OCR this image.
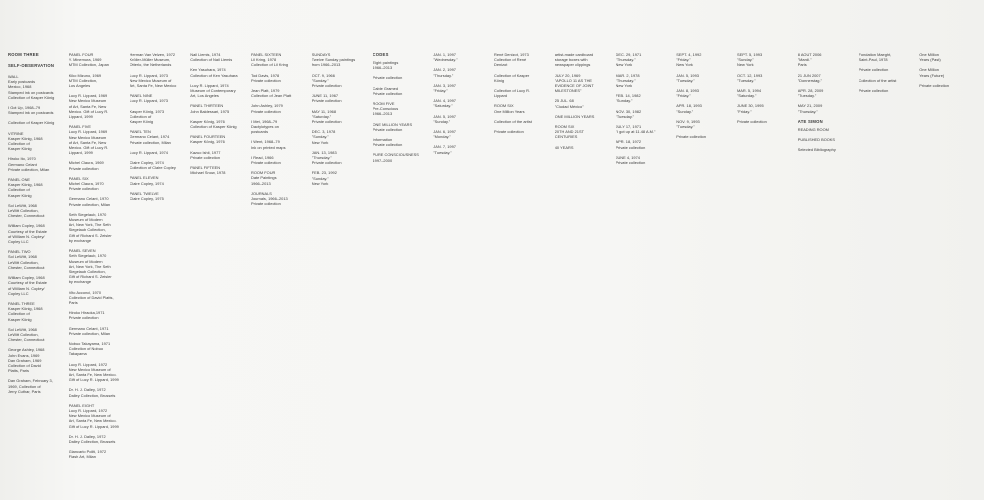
ROOM THREE
SELF-OBSERVATION
WALL
Early postcards
Mexico, 1968
Stamped ink on postcards
Collection of Kasper König
I Got Up, 1968–79
Stamped ink on postcards
Collection of Kasper König
VITRINE
Kasper König, 1968
Collection of
Kasper König
Hiroko Ito, 1970
Germano Celant
Private collection, Milan
PANEL ONE
Kasper König, 1968
Collection of
Kasper König
Sol LeWitt, 1968
LeWitt Collection,
Chester, Connecticut
William Copley, 1968
Courtesy of the Estate
of William N. Copley/
Copley LLC
PANEL TWO
Sol LeWitt, 1968
LeWitt Collection,
Chester, Connecticut
William Copley, 1968
Courtesy of the Estate
of William N. Copley/
Copley LLC
PANEL THREE
Kasper König, 1968
Collection of
Kasper König
Sol LeWitt, 1968
LeWitt Collection,
Chester, Connecticut
George Ashley, 1968
John Evans, 1969
Dan Graham, 1969
Collection of David
Platts, Paris
Dan Graham, February 3,
1969, Collection of
Jerry Cuthar, Paris
PANEL FOUR
Y. Minemura, 1969
MTM Collection, Japan
Kiko Mizuno, 1969
MTM Collection,
Los Angeles
Lucy R. Lippard, 1969
New Mexico Museum
of Art, Santa Fe, New
Mexico. Gift of Lucy R.
Lippard, 1999
PANEL FIVE
Lucy R. Lippard, 1969
New Mexico Museum
of Art, Santa Fe, New
Mexico. Gift of Lucy R.
Lippard, 1999
Michel Claura, 1969
Private collection
PANEL SIX
Michel Claura, 1970
Private collection
Germano Celant, 1970
Private collection, Milan
Seth Siegelaub, 1970
Museum of Modern
Art, New York, The Seth
Siegelaub Collection,
Gift of Richard S. Zeisler
by exchange
PANEL SEVEN
Seth Siegelaub, 1970
Museum of Modern
Art, New York, The Seth
Siegelaub Collection,
Gift of Richard S. Zeisler
by exchange
Vito Acconci, 1970
Collection of David Platts,
Paris
Hiroko Hiraoka,1971
Private collection
Germano Celant, 1971
Private collection, Milan
Nobuo Takayama, 1971
Collection of Nobuo
Takayama
Lucy R. Lippard, 1972
New Mexico Museum of
Art, Santa Fe, New Mexico.
Gift of Lucy R. Lippard, 1999
Dr. H. J. Dalley, 1972
Dalley Collection, Brussels
PANEL EIGHT
Lucy R. Lippard, 1972
New Mexico Museum of
Art, Santa Fe, New Mexico.
Gift of Lucy R. Lippard, 1999
Dr. H. J. Dalley, 1972
Dalley Collection, Brussels
Giancarlo Politi, 1972
Flash Art, Milan
Herman Van Velzen, 1972
Kröller-Müller Museum,
Otterlo, the Netherlands
Lucy R. Lippard, 1973
New Mexico Museum of
Art, Santa Fe, New Mexico
PANEL NINE
Lucy R. Lippard, 1973
Kasper König, 1973
Collection of
Kasper König
PANEL TEN
Germano Celant, 1974
Private collection, Milan
Lucy R. Lippard, 1974
Claire Copley, 1974
Collection of Claire Copley
PANEL ELEVEN
Claire Copley, 1974
PANEL TWELVE
Claire Copley, 1975
Nail Liemis, 1974
Collection of Nail Liemis
Ken Yasuhara, 1974
Collection of Ken Yasuhara
Lucy R. Lippard, 1974
Museum of Contemporary
Art, Los Angeles
PANEL THIRTEEN
John Baldessari, 1975
Kasper König, 1976
Collection of Kasper König
PANEL FOURTEEN
Kasper König, 1976
Kazuo Ishii, 1977
Private collection
PANEL FIFTEEN
Michael Snow, 1978
PANEL SIXTEEN
Lil Kring, 1978
Collection of Lil Kring
Tod Davis, 1978
Private collection
Jean Platt, 1979
Collection of Jean Platt
John Ashley, 1979
Private collection
I Met, 1968–79
Dactylotypes on
postcards
I Went, 1968–79
Ink on printed maps
I Read, 1966
Private collection
ROOM FOUR
Date Paintings
1966–2013
JOURNALS
Journals, 1966–2013
Private collection
SUNDAYS
Twelve Sunday paintings
from 1966–2013
OCT. 9, 1966
"Sunday."
Private collection
JUNE 11, 1967
Private collection
MAY 11, 1968
"Saturday."
Private collection
DEC. 3, 1978
"Sunday."
New York
JAN. 13, 1983
"Thursday."
Private collection
FEB. 23, 1992
"Sunday."
New York
CODES
Eight paintings
1966–2013
Private collection
Cable Gramed
Private collection
ROOM FIVE
Pre-Conscious
1966–2013
ONE MILLION YEARS
Private collection
Information
Private collection
PURE CONSCIOUSNESS
1997–2000
JAN. 1, 1997
"Wednesday."
JAN. 2, 1997
"Thursday."
JAN. 3, 1997
"Friday."
JAN. 4, 1997
"Saturday."
JAN. 5, 1997
"Sunday."
JAN. 6, 1997
"Monday."
JAN. 7, 1997
"Tuesday."
René Denizot, 1973
Collection of René
Denizot
Collection of Kasper
König
Collection of Lucy R.
Lippard
ROOM SIX
One Million Years
Collection of the artist
Private collection
artist-made cardboard
storage boxes with
newspaper clippings
JULY 20, 1969
"APOLLO 11 AS THE
EVIDENCE OF JOINT
MILESTONES"
25 JUL. 68
"Ciudad México"
ONE MILLION YEARS
ROOM SIX
20TH AND 21ST
CENTURIES
40 YEARS
DEC. 29, 1971
"Thursday."
New York
MAR. 2, 1978
"Thursday."
New York
FEB. 14, 1982
"Sunday."
NOV. 30, 1982
"Tuesday."
JULY 17, 1971
"I got up at 11.48 A.M."
APR. 18, 1972
Private collection
JUNE 4, 1974
Private collection
SEPT. 4, 1992
"Friday."
New York
JAN. 5, 1993
"Tuesday."
JAN. 8, 1993
"Friday."
APR. 18, 1993
"Sunday."
NOV. 9, 1993
"Tuesday."
Private collection
SEPT. 5, 1993
"Sunday."
New York
OCT. 12, 1993
"Tuesday."
MAR. 5, 1994
"Saturday."
JUNE 30, 1995
"Friday."
Private collection
8 AOUT 2006
"Mardi."
Paris
21 JUN 2007
"Donnerstag."
APR. 28, 2009
"Tuesday."
MAY 21, 2009
"Thursday."
ATE SIMON
READING ROOM
PUBLISHED BOOKS
Selected Bibliography
Fondation Maeght,
Saint-Paul, 1978
Private collection
Collection of the artist
Private collection
One Million
Years (Past)
One Million
Years (Future)
Private collection
